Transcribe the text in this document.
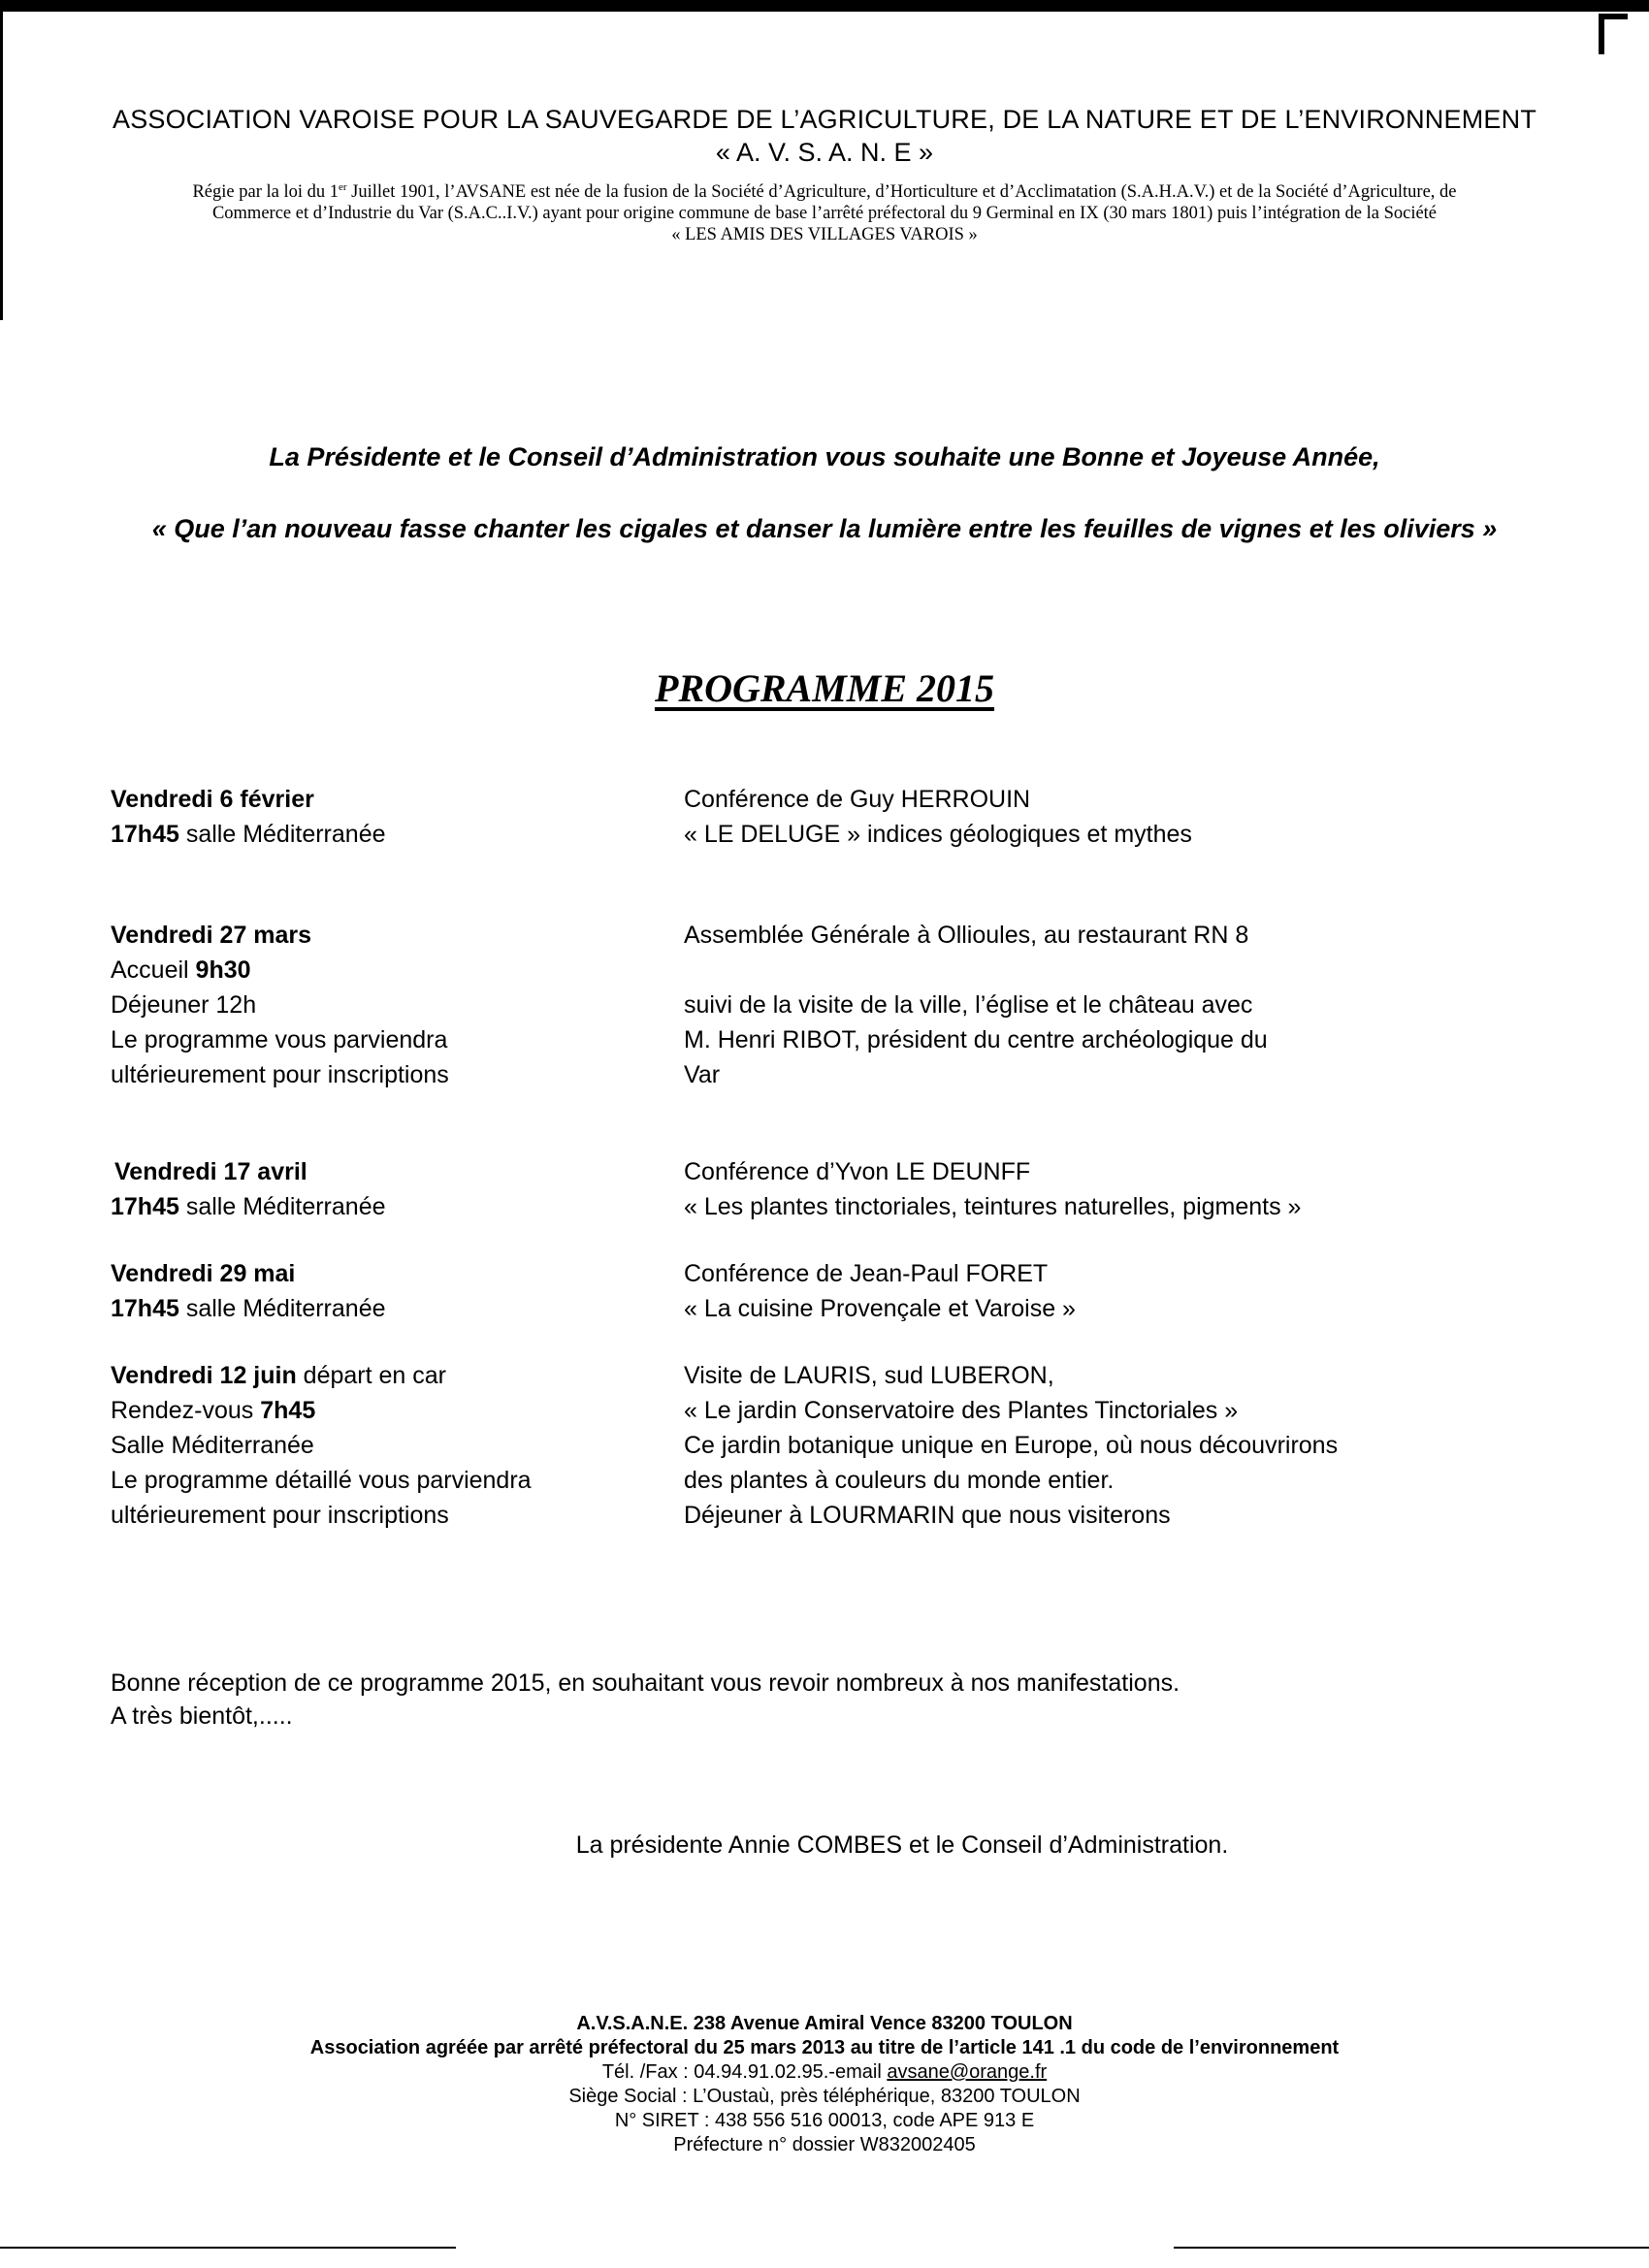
ASSOCIATION VAROISE POUR LA SAUVEGARDE DE L’AGRICULTURE, DE LA NATURE ET DE L’ENVIRONNEMENT
« A. V. S. A. N. E »
Régie par la loi du 1er Juillet 1901, l’AVSANE est née de la fusion de la Société d’Agriculture, d’Horticulture et d’Acclimatation (S.A.H.A.V.) et de la Société d’Agriculture, de
Commerce et d’Industrie du Var (S.A.C..I.V.) ayant pour origine commune de base l’arrêté préfectoral du 9 Germinal en IX (30 mars 1801) puis l’intégration de la Société
« LES AMIS DES VILLAGES VAROIS »
La Présidente et le Conseil d’Administration vous souhaite une Bonne et Joyeuse Année,
« Que l’an nouveau fasse chanter les cigales et danser la lumière entre les feuilles de vignes et les oliviers »
PROGRAMME 2015
Vendredi 6 février
17h45 salle Méditerranée
Conférence de Guy HERROUIN
« LE DELUGE » indices géologiques et mythes
Vendredi 27 mars
Accueil 9h30
Déjeuner 12h
Le programme vous parviendra
ultérieurement pour inscriptions
Assemblée Générale à Ollioules, au restaurant RN 8

suivi de la visite de la ville, l’église et le château avec
M. Henri RIBOT, président du centre archéologique du
Var
Vendredi 17 avril
17h45 salle Méditerranée
Conférence d’Yvon LE DEUNFF
« Les plantes tinctoriales, teintures naturelles, pigments »
Vendredi 29 mai
17h45 salle Méditerranée
Conférence de Jean-Paul FORET
« La cuisine Provençale et Varoise »
Vendredi 12 juin départ en car
Rendez-vous 7h45
Salle Méditerranée
Le programme détaillé vous parviendra
ultérieurement pour inscriptions
Visite de LAURIS, sud LUBERON,
« Le jardin Conservatoire des Plantes Tinctoriales »
Ce jardin botanique unique en Europe, où nous découvrirons
des plantes à couleurs du monde entier.
Déjeuner à LOURMARIN que nous visiterons
Bonne réception de ce programme 2015, en souhaitant vous revoir nombreux à nos manifestations.
A très bientôt,.....
La présidente Annie COMBES et le Conseil d’Administration.
A.V.S.A.N.E. 238 Avenue Amiral Vence 83200 TOULON
Association agréée par arrêté préfectoral du 25 mars 2013 au titre de l’article 141 .1 du code de l’environnement
Tél. /Fax : 04.94.91.02.95.-email avsane@orange.fr
Siège Social : L’Oustaù, près téléphérique, 83200 TOULON
N° SIRET : 438 556 516 00013, code APE 913 E
Préfecture n° dossier W832002405
